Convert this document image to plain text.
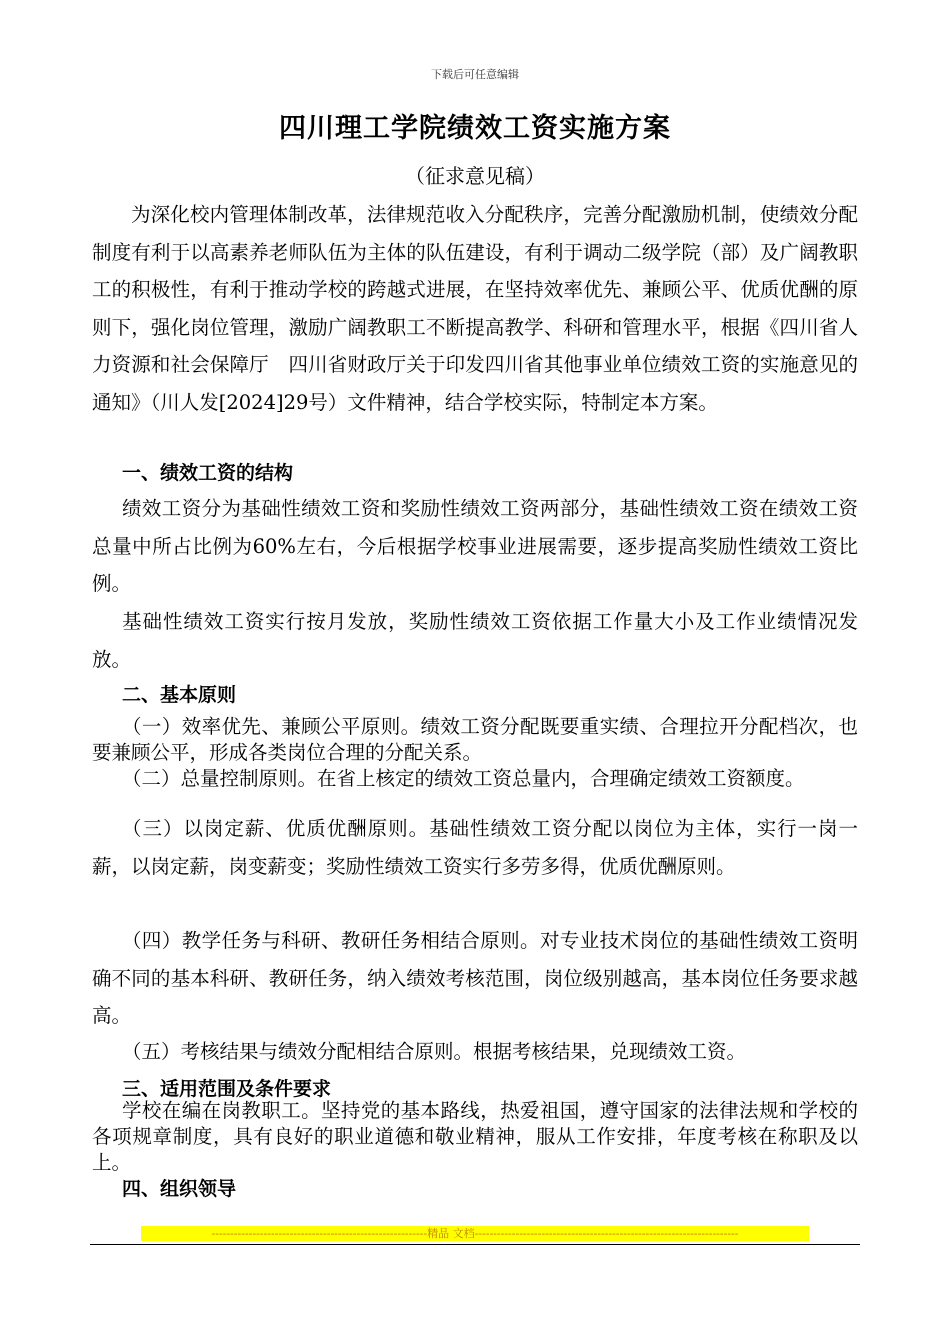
下载后可任意编辑
四川理工学院绩效工资实施方案
（征求意见稿）
为深化校内管理体制改革，法律规范收入分配秩序，完善分配激励机制，使绩效分配制度有利于以高素养老师队伍为主体的队伍建设，有利于调动二级学院（部）及广阔教职工的积极性，有利于推动学校的跨越式进展，在坚持效率优先、兼顾公平、优质优酬的原则下，强化岗位管理，激励广阔教职工不断提高教学、科研和管理水平，根据《四川省人力资源和社会保障厅　四川省财政厅关于印发四川省其他事业单位绩效工资的实施意见的通知》（川人发[2024]29号）文件精神，结合学校实际，特制定本方案。
一、绩效工资的结构
绩效工资分为基础性绩效工资和奖励性绩效工资两部分，基础性绩效工资在绩效工资总量中所占比例为60%左右，今后根据学校事业进展需要，逐步提高奖励性绩效工资比例。
基础性绩效工资实行按月发放，奖励性绩效工资依据工作量大小及工作业绩情况发放。
二、基本原则
（一）效率优先、兼顾公平原则。绩效工资分配既要重实绩、合理拉开分配档次，也要兼顾公平，形成各类岗位合理的分配关系。
（二）总量控制原则。在省上核定的绩效工资总量内，合理确定绩效工资额度。
（三）以岗定薪、优质优酬原则。基础性绩效工资分配以岗位为主体，实行一岗一薪，以岗定薪，岗变薪变；奖励性绩效工资实行多劳多得，优质优酬原则。
（四）教学任务与科研、教研任务相结合原则。对专业技术岗位的基础性绩效工资明确不同的基本科研、教研任务，纳入绩效考核范围，岗位级别越高，基本岗位任务要求越高。
（五）考核结果与绩效分配相结合原则。根据考核结果，兑现绩效工资。
三、适用范围及条件要求
学校在编在岗教职工。坚持党的基本路线，热爱祖国，遵守国家的法律法规和学校的各项规章制度，具有良好的职业道德和敬业精神，服从工作安排，年度考核在称职及以上。
四、组织领导
----------------------------------------------------------精品 文档-----------------------------------------------------------------------
